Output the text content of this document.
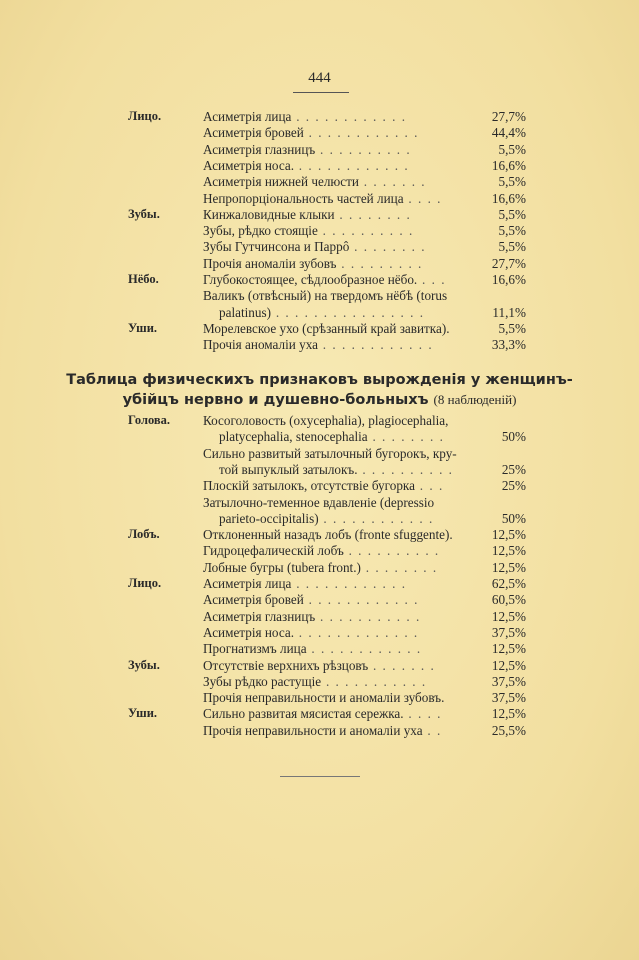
444
Лицо.	Асиметрія лица . . . . . . . . . . . .	27,7%
Асиметрія бровей . . . . . . . . . . . .	44,4%
Асиметрія глазницъ . . . . . . . . . .	5,5%
Асиметрія носа. . . . . . . . . . . . .	16,6%
Асиметрія нижней челюсти . . . . . . .	5,5%
Непропорціональность частей лица . . . .	16,6%
Зубы.	Кинжаловидные клыки . . . . . . . .	5,5%
Зубы, рѣдко стоящіе . . . . . . . . . .	5,5%
Зубы Гутчинсона и Паррô . . . . . . . .	5,5%
Прочія аномаліи зубовъ . . . . . . . . .	27,7%
Нёбо.	Глубокостоящее, сѣдлообразное нёбо. . . .	16,6%
Валикъ (отвѣсный) на твердомъ нёбѣ (torus
palatinus) . . . . . . . . . . . . . . . .	11,1%
Уши.	Морелевское ухо (срѣзанный край завитка).	5,5%
Прочія аномаліи уха . . . . . . . . . . . .	33,3%
Таблица физическихъ признаковъ вырожденія у женщинъ-
убійцъ нервно и душевно-больныхъ (8 наблюденій)
Голова. Косоголовость (oxycephalia), plagiocephalia,
platycephalia, stenocephalia . . . . . . . .	50%
Сильно развитый затылочный бугорокъ, кру-
той выпуклый затылокъ. . . . . . . . . . .	25%
Плоскій затылокъ, отсутствіе бугорка . . .	25%
Затылочно-теменное вдавленіе (depressio
parieto-occipitalis) . . . . . . . . . . . .	50%
Лобъ.	Отклоненный назадъ лобъ (fronte sfuggente).	12,5%
Гидроцефалическій лобъ . . . . . . . . . .	12,5%
Лобные бугры (tubera front.) . . . . . . . .	12,5%
Лицо.	Асиметрія лица . . . . . . . . . . . .	62,5%
Асиметрія бровей . . . . . . . . . . . .	60,5%
Асиметрія глазницъ . . . . . . . . . . .	12,5%
Асиметрія носа. . . . . . . . . . . . . .	37,5%
Прогнатизмъ лица . . . . . . . . . . . .	12,5%
Зубы.	Отсутствіе верхнихъ рѣзцовъ . . . . . . .	12,5%
Зубы рѣдко растущіе . . . . . . . . . . .	37,5%
Прочія неправильности и аномаліи зубовъ.	37,5%
Уши.	Сильно развитая мясистая сережка. . . . .	12,5%
Прочія неправильности и аномаліи уха . .	25,5%
